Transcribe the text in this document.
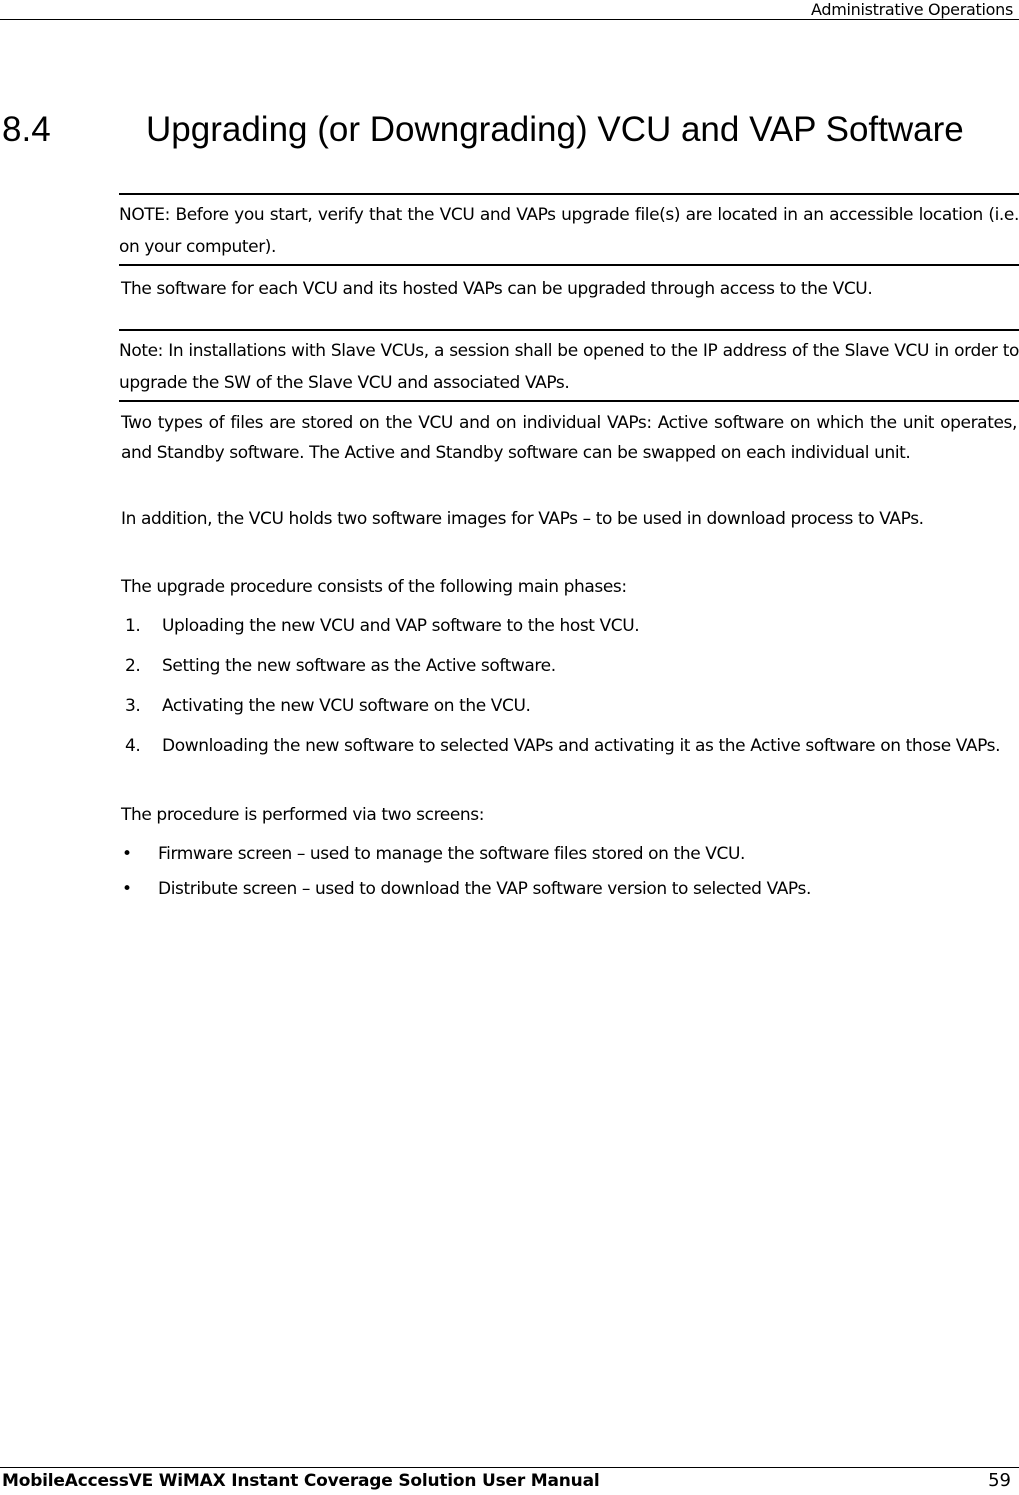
Administrative Operations
8.4	Upgrading (or Downgrading) VCU and VAP Software
NOTE: Before you start, verify that the VCU and VAPs upgrade file(s) are located in an accessible location (i.e. on your computer).

The software for each VCU and its hosted VAPs can be upgraded through access to the VCU.

Note: In installations with Slave VCUs, a session shall be opened to the IP address of the Slave VCU in order to upgrade the SW of the Slave VCU and associated VAPs.

Two types of files are stored on the VCU and on individual VAPs: Active software on which the unit operates, and Standby software. The Active and Standby software can be swapped on each individual unit.

In addition, the VCU holds two software images for VAPs – to be used in download process to VAPs.

The upgrade procedure consists of the following main phases:

1. Uploading the new VCU and VAP software to the host VCU.
2. Setting the new software as the Active software.
3. Activating the new VCU software on the VCU.
4. Downloading the new software to selected VAPs and activating it as the Active software on those VAPs.

The procedure is performed via two screens:

• Firmware screen – used to manage the software files stored on the VCU.
• Distribute screen – used to download the VAP software version to selected VAPs.
MobileAccessVE WiMAX Instant Coverage Solution User Manual	59
